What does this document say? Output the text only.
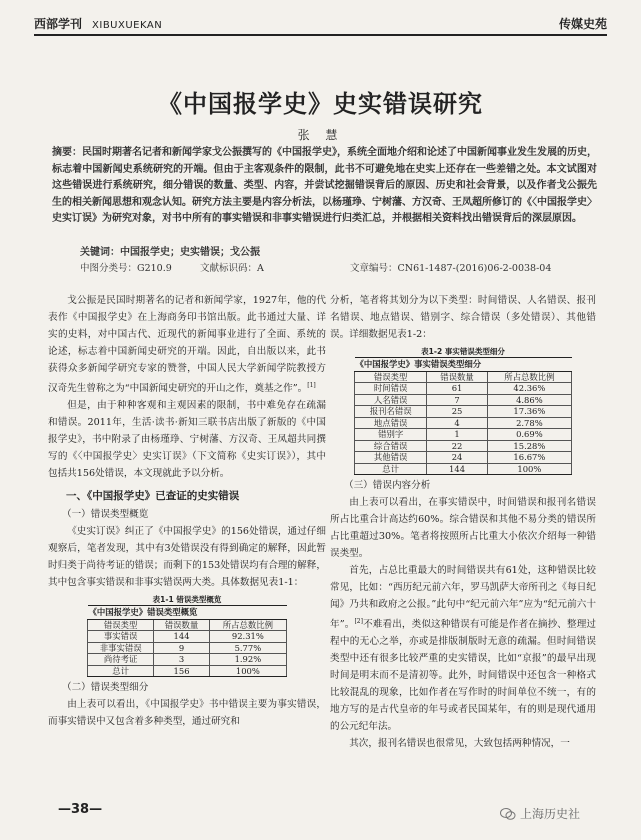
西部学刊 XIBUXUEKAN	传媒史苑
《中国报学史》史实错误研究
张 慧
摘要：民国时期著名记者和新闻学家戈公振撰写的《中国报学史》，系统全面地介绍和论述了中国新闻事业发生发展的历史，标志着中国新闻史系统研究的开端。但由于主客观条件的限制，此书不可避免地在史实上还存在一些差错之处。本文试图对这些错误进行系统研究，细分错误的数量、类型、内容，并尝试挖掘错误背后的原因、历史和社会背景，以及作者戈公振先生的相关新闻思想和观念认知。研究方法主要是内容分析法，以杨瑾琤、宁树藩、方汉奇、王凤超所修订的《〈中国报学史〉史实订误》为研究对象，对书中所有的事实错误和非事实错误进行归类汇总，并根据相关资料找出错误背后的深层原因。
关键词：中国报学史；史实错误；戈公振
中图分类号：G210.9	文献标识码：A	文章编号：CN61-1487-(2016)06-2-0038-04

戈公振是民国时期著名的记者和新闻学家，1927年，他的代表作《中国报学史》在上海商务印书馆出版。此书通过大量、详实的史料，对中国古代、近现代的新闻事业进行了全面、系统的论述，标志着中国新闻史研究的开端。因此，自出版以来，此书获得众多新闻学研究专家的赞誉，中国人民大学新闻学院教授方汉奇先生曾称之为“中国新闻史研究的开山之作，奠基之作”。[1]

但是，由于种种客观和主观因素的限制，书中难免存在疏漏和错误。2011年，生活·读书·新知三联书店出版了新版的《中国报学史》，书中附录了由杨瑾琤、宁树藩、方汉奇、王凤超共同撰写的《〈中国报学史〉史实订误》（下文简称《史实订误》），其中包括共156处错误，本文现就此予以分析。

一、《中国报学史》已查证的史实错误
（一）错误类型概览

《史实订误》纠正了《中国报学史》的156处错误，通过仔细观察后，笔者发现，其中有3处错误没有得到确定的解释，因此暂时归类于尚待考证的错误；而剩下的153处错误均有合理的解释，其中包含事实错误和非事实错误两大类。具体数据见表1-1：

表1-1 错误类型概览
《中国报学史》错误类型概览		
错误类型	错误数量	所占总数比例
事实错误	144	92.31%
非事实错误	9	5.77%
尚待考证	3	1.92%
总计	156	100%
（二）错误类型细分

由上表可以看出，《中国报学史》书中错误主要为事实错误，而事实错误中又包含着多种类型，通过研究和

分析，笔者将其划分为以下类型：时间错误、人名错误、报刊名错误、地点错误、错别字、综合错误（多处错误）、其他错误。详细数据见表1-2：

表1-2 事实错误类型细分
《中国报学史》事实错误类型细分		
错误类型	错误数量	所占总数比例
时间错误	61	42.36%
人名错误	7	4.86%
报刊名错误	25	17.36%
地点错误	4	2.78%
错别字	1	0.69%
综合错误	22	15.28%
其他错误	24	16.67%
总计	144	100%
（三）错误内容分析

由上表可以看出，在事实错误中，时间错误和报刊名错误所占比重合计高达约60%。综合错误和其他不易分类的错误所占比重超过30%。笔者将按照所占比重大小依次介绍每一种错误类型。

首先，占总比重最大的时间错误共有61处，这种错误比较常见，比如：“西历纪元前六年，罗马凯萨大帝所刊之《每日纪闻》乃共和政府之公报。”此句中“纪元前六年”应为“纪元前六十年”。[2]不难看出，类似这种错误有可能是作者在摘抄、整理过程中的无心之举，亦或是排版制版时无意的疏漏。但时间错误类型中还有很多比较严重的史实错误，比如“京报”的最早出现时间是明末而不是清初等。此外，时间错误中还包含一种格式比较混乱的现象，比如作者在写作时的时间单位不统一，有的地方写的是古代皇帝的年号或者民国某年，有的则是现代通用的公元纪年法。

其次，报刊名错误也很常见，大致包括两种情况，一

—38—	上海历史社
